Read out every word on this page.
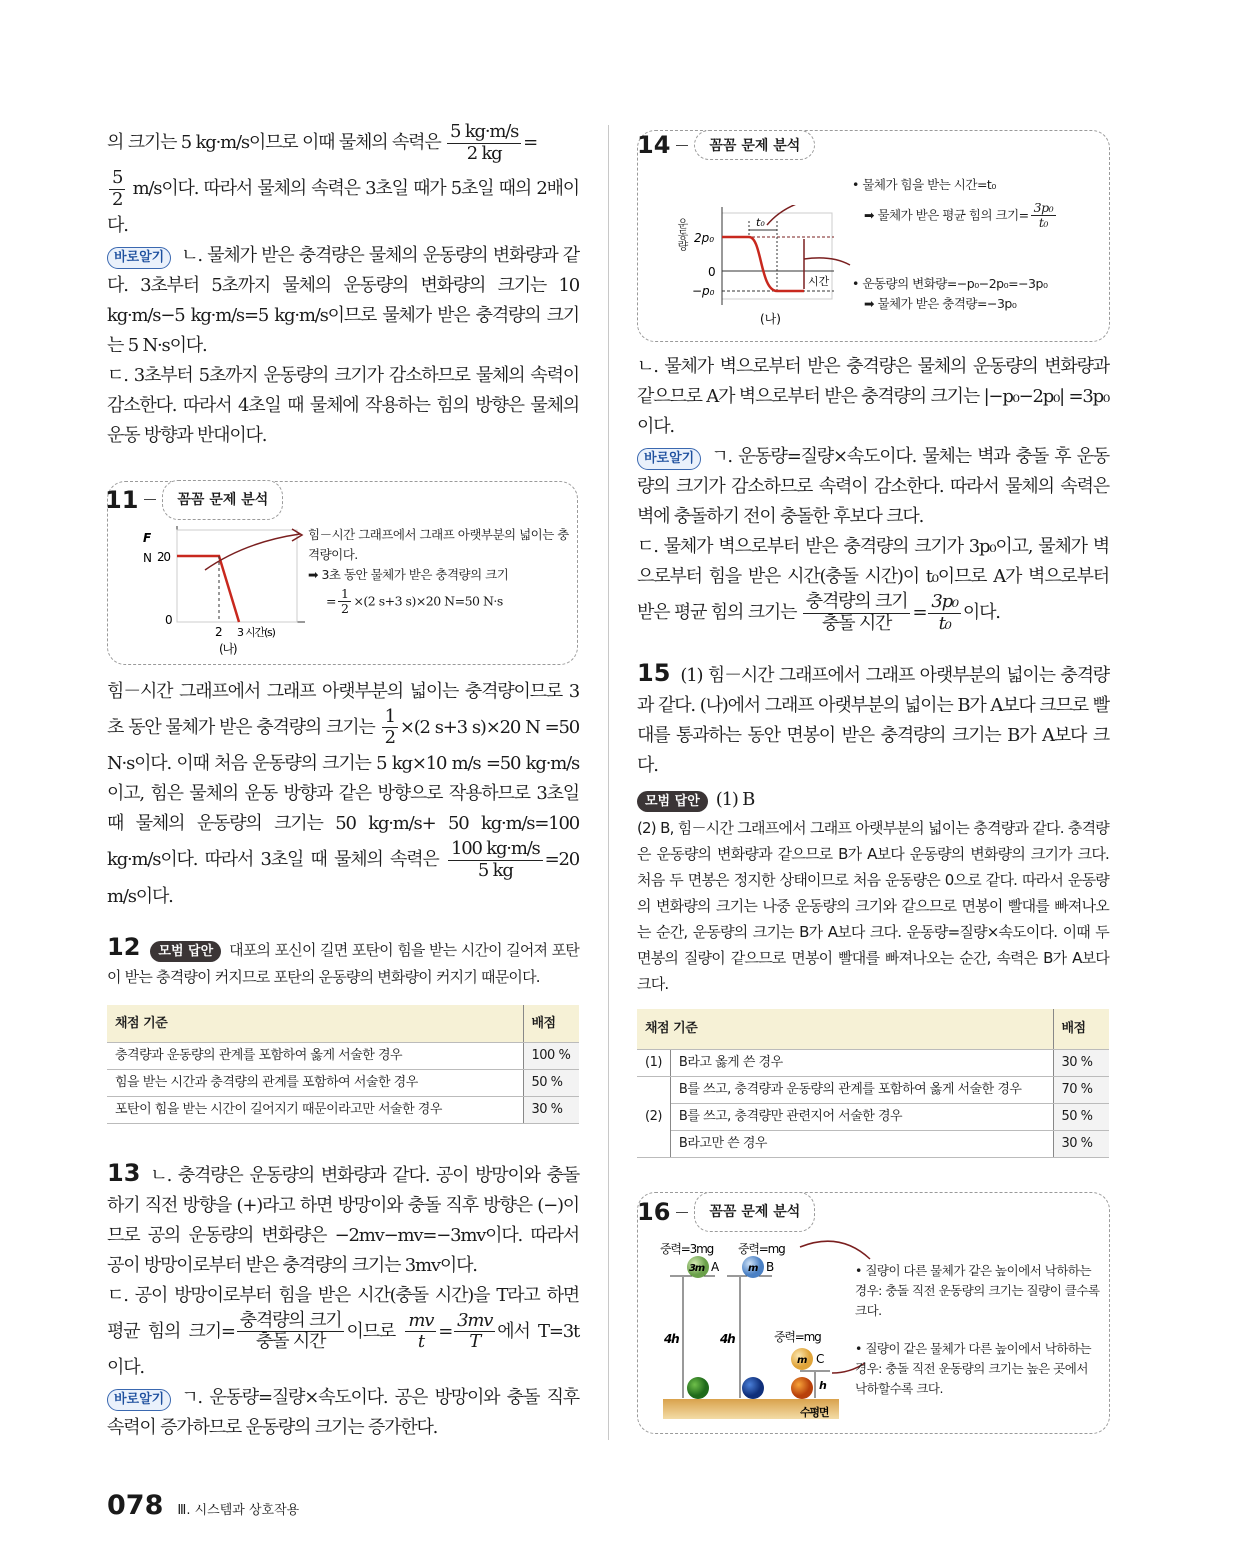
의 크기는 5 kg·m/s이므로 이때 물체의 속력은 $\frac{5 kg\cdot m/s}{2 kg}$ =

$\frac{5}{2} m/s$이다. 따라서 물체의 속력은 3초일 때가 5초일 때의 2배이다.

바로알기 ㄴ. 물체가 받은 충격량은 물체의 운동량의 변화량과 같다. 3초부터 5초까지 물체의 운동량의 변화량의 크기는 10 kg·m/s−5 kg·m/s=5 kg·m/s이므로 물체가 받은 충격량의 크기는 5 N·s이다.

ㄷ. 3초부터 5초까지 운동량의 크기가 감소하므로 물체의 속력이 감소한다. 따라서 4초일 때 물체에 작용하는 힘의 방향은 물체의 운동 방향과 반대이다.

11	꼼꼼 문제 분석
F
N 20
0
2 3 시간(s)
(나)
힘－시간 그래프에서 그래프 아랫부분의 넓이는 충격량이다.
➡ 3초 동안 물체가 받은 충격량의 크기
= $\frac{1}{2} \times(2$ s+3 s)×20 N=50 N·s

힘－시간 그래프에서 그래프 아랫부분의 넓이는 충격량이므로 3초 동안 물체가 받은 충격량의 크기는 $\frac{1}{2} \times(2$ s+3 s)×20 N =50 N·s이다. 이때 처음 운동량의 크기는 5 kg×10 m/s =50 kg·m/s이고, 힘은 물체의 운동 방향과 같은 방향으로 작용하므로 3초일 때 물체의 운동량의 크기는 50 kg·m/s+ 50 kg·m/s=100 kg·m/s이다. 따라서 3초일 때 물체의 속력은 $\frac{100 kg\cdot m/s}{5 kg} =20$ m/s이다.

12 모범 답안 대포의 포신이 길면 포탄이 힘을 받는 시간이 길어져 포탄이 받는 충격량이 커지므로 포탄의 운동량의 변화량이 커지기 때문이다.

채점 기준	배점
충격량과 운동량의 관계를 포함하여 옳게 서술한 경우	100 %
힘을 받는 시간과 충격량의 관계를 포함하여 서술한 경우	50 %
포탄이 힘을 받는 시간이 길어지기 때문이라고만 서술한 경우	30 %

13 ㄴ. 충격량은 운동량의 변화량과 같다. 공이 방망이와 충돌하기 직전 방향을 (+)라고 하면 방망이와 충돌 직후 방향은 (−)이므로 공의 운동량의 변화량은 −2mv−mv=−3mv이다. 따라서 공이 방망이로부터 받은 충격량의 크기는 3mv이다.

ㄷ. 공이 방망이로부터 힘을 받은 시간(충돌 시간)을 T라고 하면 평균 힘의 크기= $\frac{\text{충격량의 크기}}{\text{충돌 시간}}$ 이므로 $\frac{mv}{t} = \frac{3mv}{T}$ 에서 T=3t이다.

바로알기 ㄱ. 운동량=질량×속도이다. 공은 방망이와 충돌 직후 속력이 증가하므로 운동량의 크기는 증가한다.

078 Ⅲ. 시스템과 상호작용
14	꼼꼼 문제 분석
운동량 2p₀
0
−p₀
t₀
시간
(나)
• 물체가 힘을 받는 시간=t₀
➡ 물체가 받은 평균 힘의 크기= $\frac{\text{3p₀}}{\text{t₀}}$
• 운동량의 변화량=−p₀−2p₀=−3p₀
➡ 물체가 받은 충격량=−3p₀

ㄴ. 물체가 벽으로부터 받은 충격량은 물체의 운동량의 변화량과 같으므로 A가 벽으로부터 받은 충격량의 크기는 |−p₀−2p₀| =3p₀이다.

바로알기 ㄱ. 운동량=질량×속도이다. 물체는 벽과 충돌 후 운동량의 크기가 감소하므로 속력이 감소한다. 따라서 물체의 속력은 벽에 충돌하기 전이 충돌한 후보다 크다.

ㄷ. 물체가 벽으로부터 받은 충격량의 크기가 3p₀이고, 물체가 벽으로부터 힘을 받은 시간(충돌 시간)이 t₀이므로 A가 벽으로부터 받은 평균 힘의 크기는 $\frac{\text{충격량의 크기}}{\text{충돌 시간}} = \frac{\text{3p₀}}{\text{t₀}}$ 이다.

15 (1) 힘－시간 그래프에서 그래프 아랫부분의 넓이는 충격량과 같다. (나)에서 그래프 아랫부분의 넓이는 B가 A보다 크므로 빨대를 통과하는 동안 면봉이 받은 충격량의 크기는 B가 A보다 크다.

모범 답안 (1) B

(2) B, 힘－시간 그래프에서 그래프 아랫부분의 넓이는 충격량과 같다. 충격량은 운동량의 변화량과 같으므로 B가 A보다 운동량의 변화량의 크기가 크다. 처음 두 면봉은 정지한 상태이므로 처음 운동량은 0으로 같다. 따라서 운동량의 변화량의 크기는 나중 운동량의 크기와 같으므로 면봉이 빨대를 빠져나오는 순간, 운동량의 크기는 B가 A보다 크다. 운동량=질량×속도이다. 이때 두 면봉의 질량이 같으므로 면봉이 빨대를 빠져나오는 순간, 속력은 B가 A보다 크다.

채점 기준		배점
(1)	B라고 옳게 쓴 경우	30 %
(2)	B를 쓰고, 충격량과 운동량의 관계를 포함하여 옳게 서술한 경우	70 %
	B를 쓰고, 충격량만 관련지어 서술한 경우	50 %
	B라고만 쓴 경우	30 %
16	꼼꼼 문제 분석
중력=3mg 중력=mg
중력=mg
3m	m
m
A	B
C
4h	4h
h
수평면
• 질량이 다른 물체가 같은 높이에서 낙하하는 경우: 충돌 직전 운동량의 크기는 질량이 클수록 크다.
• 질량이 같은 물체가 다른 높이에서 낙하하는 경우: 충돌 직전 운동량의 크기는 높은 곳에서 낙하할수록 크다.
